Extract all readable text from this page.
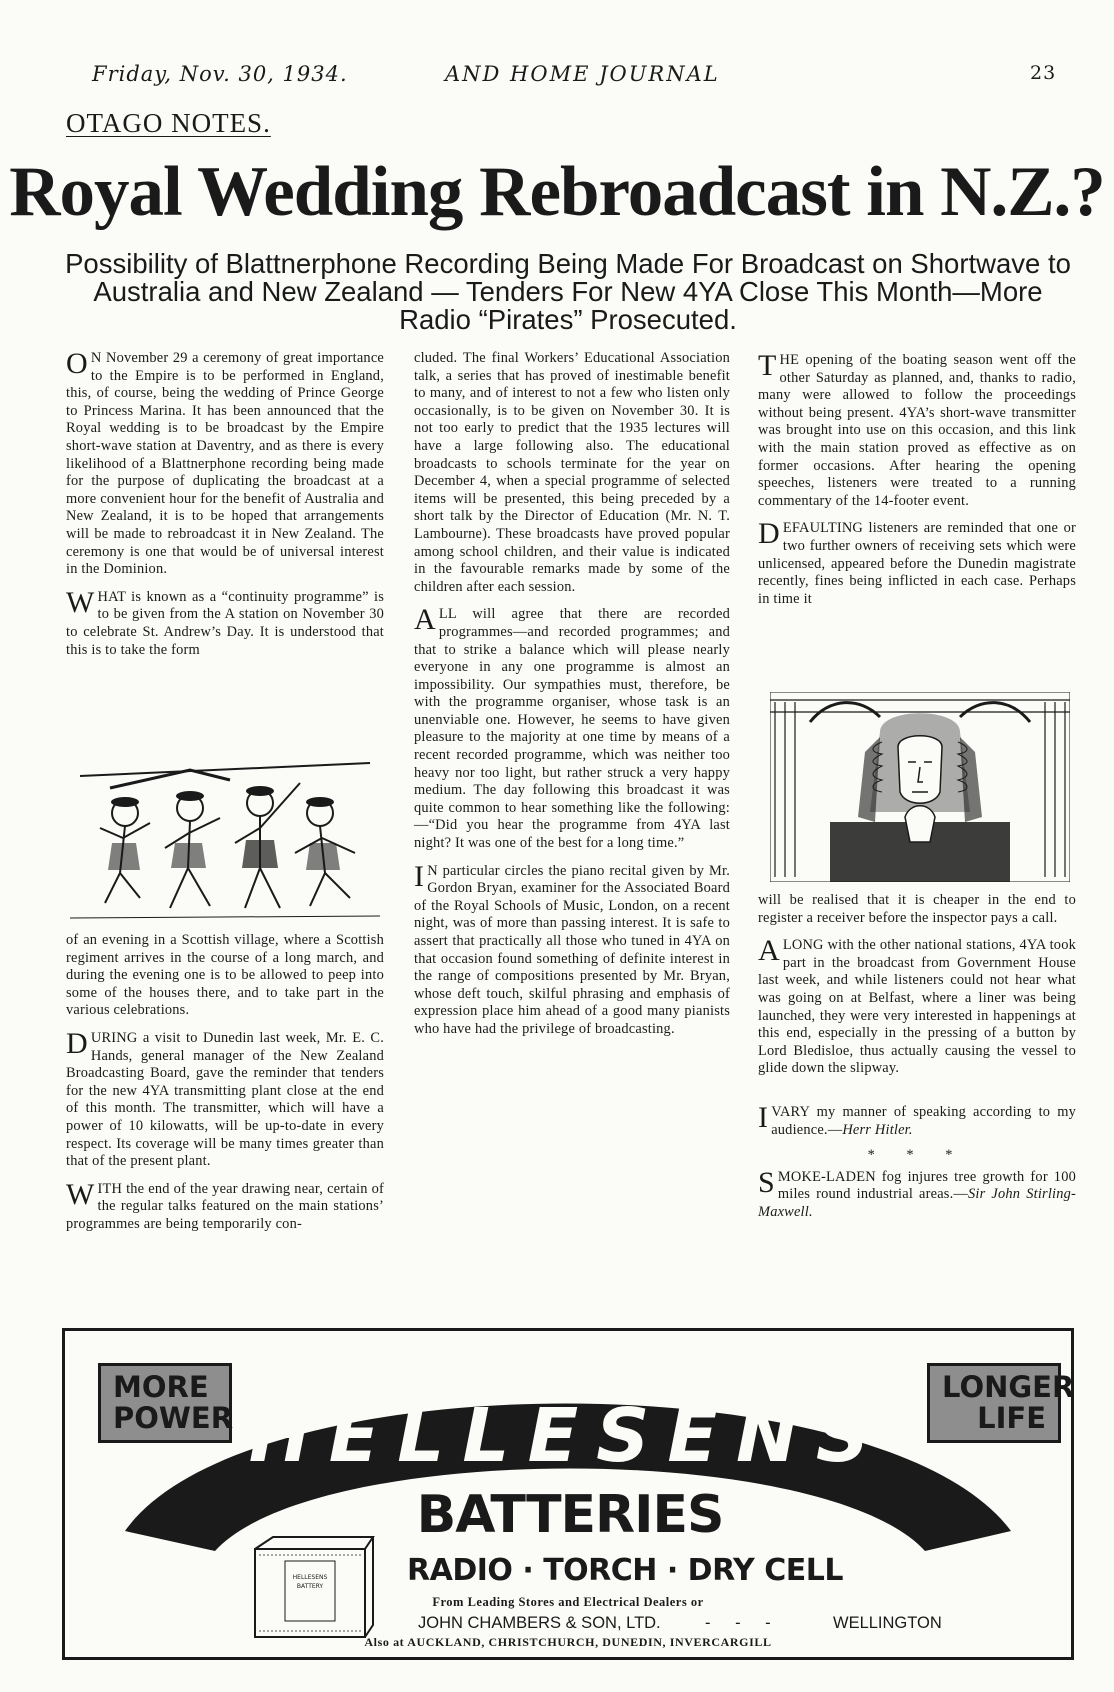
Friday, Nov. 30, 1934.	AND HOME JOURNAL	23
OTAGO NOTES.
Royal Wedding Rebroadcast in N.Z.?
Possibility of Blattnerphone Recording Being Made For Broadcast on Shortwave to Australia and New Zealand — Tenders For New 4YA Close This Month—More Radio “Pirates” Prosecuted.

O N November 29 a ceremony of great importance to the Empire is to be performed in England, this, of course, being the wedding of Prince George to Princess Marina. It has been announced that the Royal wedding is to be broadcast by the Empire short-wave station at Daventry, and as there is every likelihood of a Blattnerphone recording being made for the purpose of duplicating the broadcast at a more convenient hour for the benefit of Australia and New Zealand, it is to be hoped that arrangements will be made to rebroadcast it in New Zealand. The ceremony is one that would be of universal interest in the Dominion.

WHAT is known as a “continuity programme” is to be given from the A station on November 30 to celebrate St. Andrew’s Day. It is understood that this is to take the form

of an evening in a Scottish village, where a Scottish regiment arrives in the course of a long march, and during the evening one is to be allowed to peep into some of the houses there, and to take part in the various celebrations.

DURING a visit to Dunedin last week, Mr. E. C. Hands, general manager of the New Zealand Broadcasting Board, gave the reminder that tenders for the new 4YA transmitting plant close at the end of this month. The transmitter, which will have a power of 10 kilowatts, will be up-to-date in every respect. Its coverage will be many times greater than that of the present plant.

WITH the end of the year drawing near, certain of the regular talks featured on the main stations’ programmes are being temporarily con-

cluded. The final Workers’ Educational Association talk, a series that has proved of inestimable benefit to many, and of interest to not a few who listen only occasionally, is to be given on November 30. It is not too early to predict that the 1935 lectures will have a large following also. The educational broadcasts to schools terminate for the year on December 4, when a special programme of selected items will be presented, this being preceded by a short talk by the Director of Education (Mr. N. T. Lambourne). These broadcasts have proved popular among school children, and their value is indicated in the favourable remarks made by some of the children after each session.

ALL will agree that there are recorded programmes—and recorded programmes; and that to strike a balance which will please nearly everyone in any one programme is almost an impossibility. Our sympathies must, therefore, be with the programme organiser, whose task is an unenviable one. However, he seems to have given pleasure to the majority at one time by means of a recent recorded programme, which was neither too heavy nor too light, but rather struck a very happy medium. The day following this broadcast it was quite common to hear something like the following:—“Did you hear the programme from 4YA last night? It was one of the best for a long time.”

I N particular circles the piano recital given by Mr. Gordon Bryan, examiner for the Associated Board of the Royal Schools of Music, London, on a recent night, was of more than passing interest. It is safe to assert that practically all those who tuned in 4YA on that occasion found something of definite interest in the range of compositions presented by Mr. Bryan, whose deft touch, skilful phrasing and emphasis of expression place him ahead of a good many pianists who have had the privilege of broadcasting.

THE opening of the boating season went off the other Saturday as planned, and, thanks to radio, many were allowed to follow the proceedings without being present. 4YA’s short-wave transmitter was brought into use on this occasion, and this link with the main station proved as effective as on former occasions. After hearing the opening speeches, listeners were treated to a running commentary of the 14-footer event.

DEFAULTING listeners are reminded that one or two further owners of receiving sets which were unlicensed, appeared before the Dunedin magistrate recently, fines being inflicted in each case. Perhaps in time it

will be realised that it is cheaper in the end to register a receiver before the inspector pays a call.

ALONG with the other national stations, 4YA took part in the broadcast from Government House last week, and while listeners could not hear what was going on at Belfast, where a liner was being launched, they were very interested in happenings at this end, especially in the pressing of a button by Lord Bledisloe, thus actually causing the vessel to glide down the slipway.

IVARY my manner of speaking according to my audience.—Herr Hitler.

* * *

SMOKE-LADEN fog injures tree growth for 100 miles round industrial areas.—Sir John Stirling-Maxwell.

MORE POWER
LONGER LIFE
HELLESENS
BATTERIES
RADIO · TORCH · DRY CELL
HELLESENS BATTERY
From Leading Stores and Electrical Dealers or
JOHN CHAMBERS & SON, LTD.	- - -	WELLINGTON
Also at AUCKLAND, CHRISTCHURCH, DUNEDIN, INVERCARGILL
